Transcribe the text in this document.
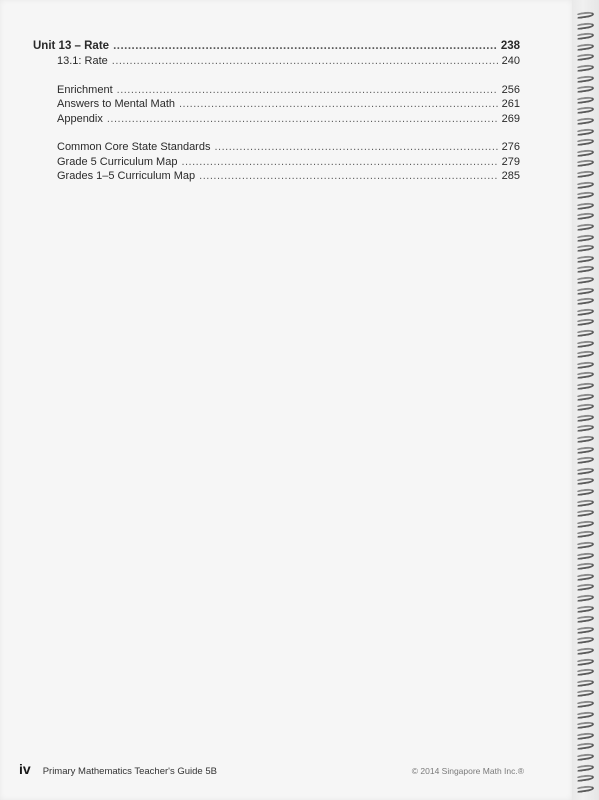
Unit 13 – Rate .....	238
13.1: Rate .....	240
Enrichment .....	256
Answers to Mental Math .....	261
Appendix .....	269
Common Core State Standards .....	276
Grade 5 Curriculum Map .....	279
Grades 1–5 Curriculum Map .....	285
iv Primary Mathematics Teacher's Guide 5B	© 2014 Singapore Math Inc.®
